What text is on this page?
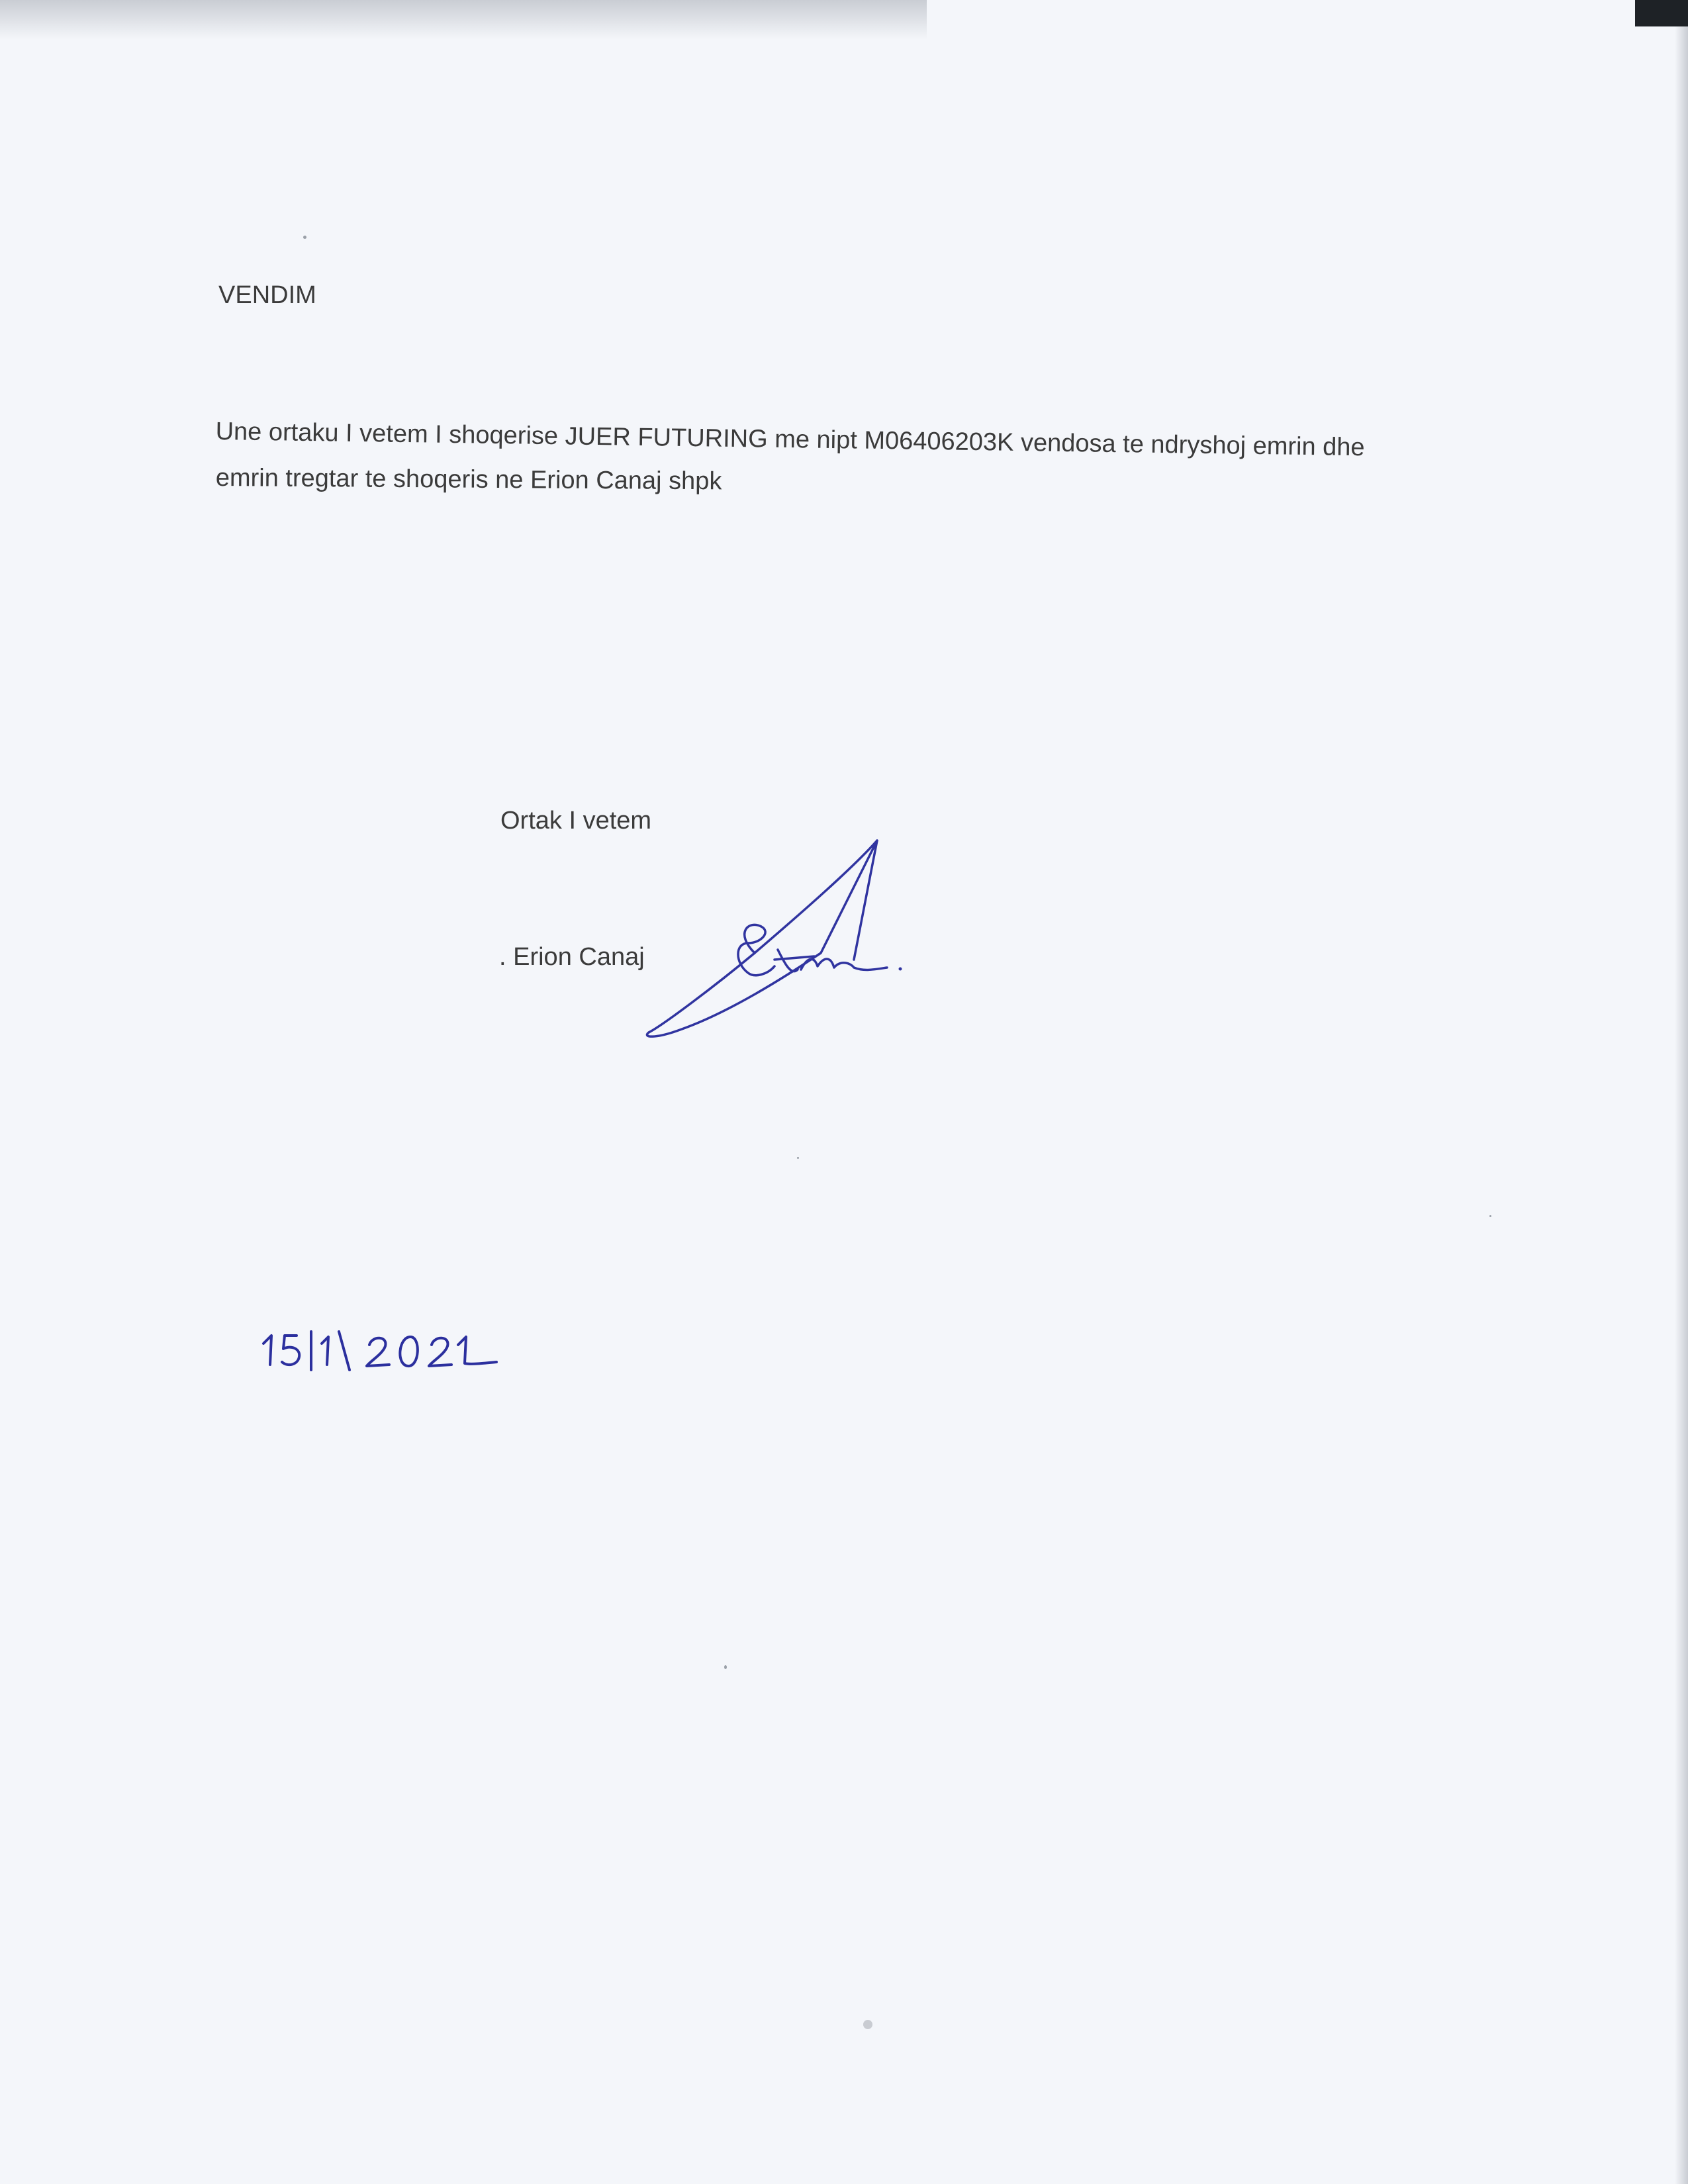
VENDIM
Une ortaku I vetem I shoqerise JUER FUTURING me nipt M06406203K vendosa te ndryshoj emrin dhe
emrin tregtar te shoqeris ne Erion Canaj shpk
Ortak I vetem
. Erion Canaj
